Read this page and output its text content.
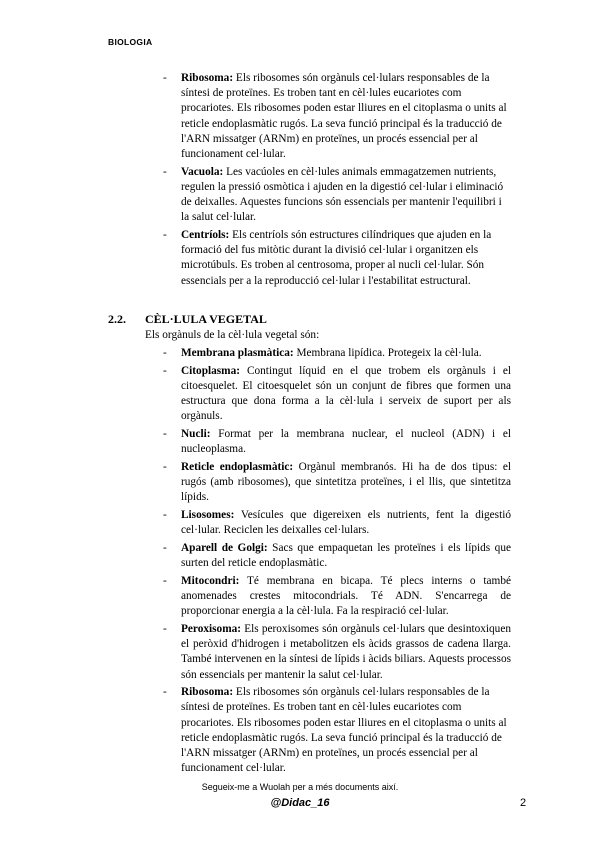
BIOLOGIA
- Ribosoma: Els ribosomes són orgànuls cel·lulars responsables de la síntesi de proteïnes. Es troben tant en cèl·lules eucariotes com procariotes. Els ribosomes poden estar lliures en el citoplasma o units al reticle endoplasmàtic rugós. La seva funció principal és la traducció de l'ARN missatger (ARNm) en proteïnes, un procés essencial per al funcionament cel·lular.
- Vacuola: Les vacúoles en cèl·lules animals emmagatzemen nutrients, regulen la pressió osmòtica i ajuden en la digestió cel·lular i eliminació de deixalles. Aquestes funcions són essencials per mantenir l'equilibri i la salut cel·lular.
- Centríols: Els centríols són estructures cilíndriques que ajuden en la formació del fus mitòtic durant la divisió cel·lular i organitzen els microtúbuls. Es troben al centrosoma, proper al nucli cel·lular. Són essencials per a la reproducció cel·lular i l'estabilitat estructural.
2.2. CÈL·LULA VEGETAL
Els orgànuls de la cèl·lula vegetal són:
- Membrana plasmàtica: Membrana lipídica. Protegeix la cèl·lula.
- Citoplasma: Contingut líquid en el que trobem els orgànuls i el citoesquelet. El citoesquelet són un conjunt de fibres que formen una estructura que dona forma a la cèl·lula i serveix de suport per als orgànuls.
- Nucli: Format per la membrana nuclear, el nucleol (ADN) i el nucleoplasma.
- Reticle endoplasmàtic: Orgànul membranós. Hi ha de dos tipus: el rugós (amb ribosomes), que sintetitza proteïnes, i el llis, que sintetitza lípids.
- Lisosomes: Vesícules que digereixen els nutrients, fent la digestió cel·lular. Reciclen les deixalles cel·lulars.
- Aparell de Golgi: Sacs que empaquetan les proteïnes i els lípids que surten del reticle endoplasmàtic.
- Mitocondri: Té membrana en bicapa. Té plecs interns o també anomenades crestes mitocondrials. Té ADN. S'encarrega de proporcionar energia a la cèl·lula. Fa la respiració cel·lular.
- Peroxisoma: Els peroxisomes són orgànuls cel·lulars que desintoxiquen el peròxid d'hidrogen i metabolitzen els àcids grassos de cadena llarga. També intervenen en la síntesi de lípids i àcids biliars. Aquests processos són essencials per mantenir la salut cel·lular.
- Ribosoma: Els ribosomes són orgànuls cel·lulars responsables de la síntesi de proteïnes. Es troben tant en cèl·lules eucariotes com procariotes. Els ribosomes poden estar lliures en el citoplasma o units al reticle endoplasmàtic rugós. La seva funció principal és la traducció de l'ARN missatger (ARNm) en proteïnes, un procés essencial per al funcionament cel·lular.
Segueix-me a Wuolah per a més documents així.
@Didac_16	2
